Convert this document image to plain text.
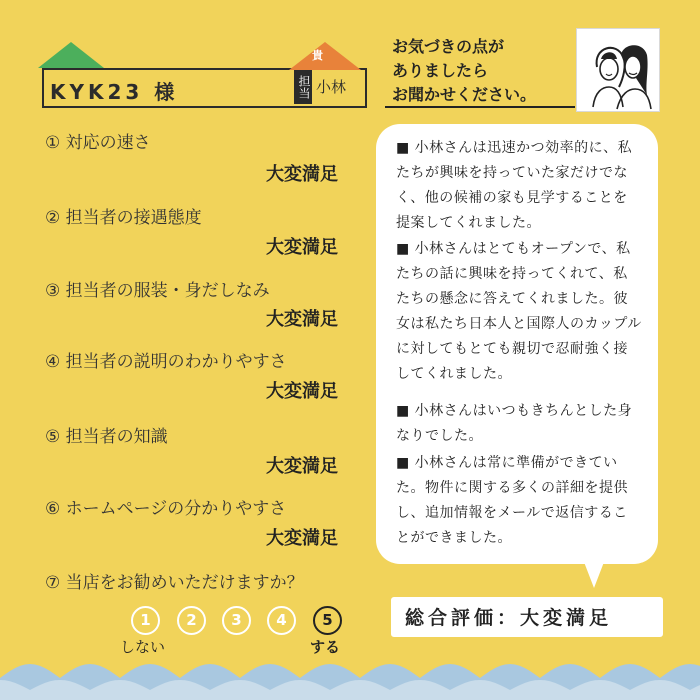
KYK23 様
貴
担当 小林
① 対応の速さ
大変満足
② 担当者の接遇態度
大変満足
③ 担当者の服装・身だしなみ
大変満足
④ 担当者の説明のわかりやすさ
大変満足
⑤ 担当者の知識
大変満足
⑥ ホームページの分かりやすさ
大変満足
⑦ 当店をお勧めいただけますか？
1	2	3	4	5
しない	する
お気づきの点が
ありましたら
お聞かせください。
■ 小林さんは迅速かつ効率的に、私たちが興味を持っていた家だけでなく、他の候補の家も見学することを提案してくれました。
■ 小林さんはとてもオープンで、私たちの話に興味を持ってくれて、私たちの懸念に答えてくれました。彼女は私たち日本人と国際人のカップルに対してもとても親切で忍耐強く接してくれました。
■ 小林さんはいつもきちんとした身なりでした。
■ 小林さんは常に準備ができていた。物件に関する多くの詳細を提供し、追加情報をメールで返信することができました。
総合評価：大変満足
